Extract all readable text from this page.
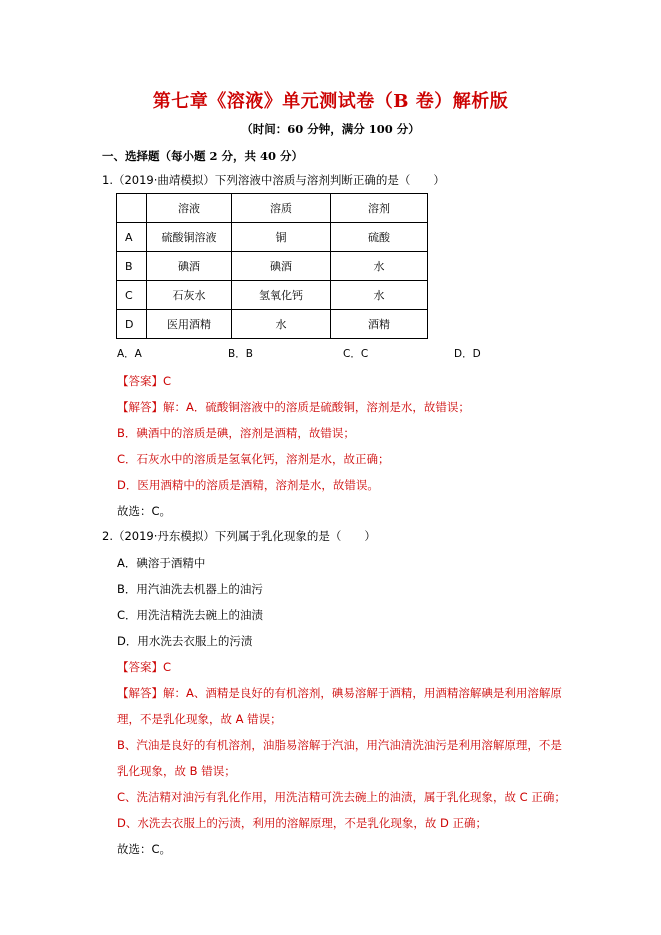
第七章《溶液》单元测试卷（B 卷）解析版
（时间：60 分钟，满分 100 分）
一、选择题（每小题 2 分，共 40 分）
1.（2019·曲靖模拟）下列溶液中溶质与溶剂判断正确的是（　　）
	溶液	溶质	溶剂
A	硫酸铜溶液	铜	硫酸
B	碘酒	碘酒	水
C	石灰水	氢氧化钙	水
D	医用酒精	水	酒精
A．A	B．B	C．C	D．D
【答案】C
【解答】解：A．硫酸铜溶液中的溶质是硫酸铜，溶剂是水，故错误；
B．碘酒中的溶质是碘，溶剂是酒精，故错误；
C．石灰水中的溶质是氢氧化钙，溶剂是水，故正确；
D．医用酒精中的溶质是酒精，溶剂是水，故错误。
故选：C。
2.（2019·丹东模拟）下列属于乳化现象的是（　　）
A．碘溶于酒精中
B．用汽油洗去机器上的油污
C．用洗洁精洗去碗上的油渍
D．用水洗去衣服上的污渍
【答案】C
【解答】解：A、酒精是良好的有机溶剂，碘易溶解于酒精，用酒精溶解碘是利用溶解原
理，不是乳化现象，故 A 错误；
B、汽油是良好的有机溶剂，油脂易溶解于汽油，用汽油清洗油污是利用溶解原理，不是
乳化现象，故 B 错误；
C、洗洁精对油污有乳化作用，用洗洁精可洗去碗上的油渍，属于乳化现象，故 C 正确；
D、水洗去衣服上的污渍，利用的溶解原理，不是乳化现象，故 D 正确；
故选：C。
